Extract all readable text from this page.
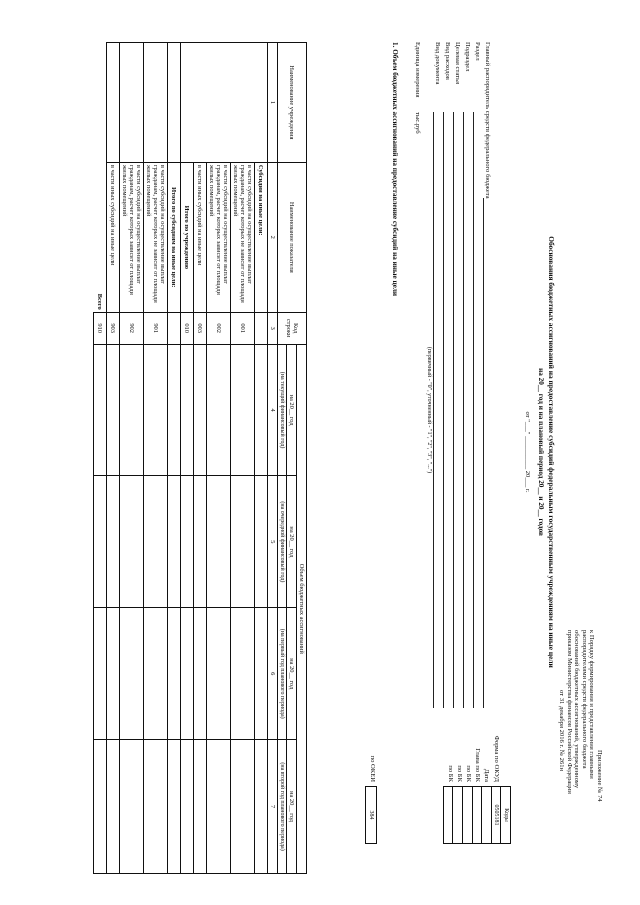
Приложение № 74
к Порядку формирования и представления главными
распорядителями средств федерального бюджета
обоснований бюджетных ассигнований, утвержденному
приказом Министерства финансов Российской Федерации
от 31 декабря 2016 г. № 261н
Обоснования бюджетных ассигнований на предоставление субсидий федеральным государственным учреждениям на иные цели
на 20__ год и на плановый период 20__ и 20__ годов
от "___" __________ 20___ г.
Коды
0505181
Форма по ОКУД
Дата
Глава по БК
по БК
по БК
по БК
по ОКЕИ
384
Главный распорядитель средств федерального бюджета
Раздел
Подраздел
Целевая статья
Вид расходов
Вид документа
(первичный - "0", уточненный - "1", "2", "3", "...")
Единица измерения
тыс.руб
1. Объем бюджетных ассигнований на предоставление субсидий на иные цели
Наименование учреждения	Наименование показателя	Код строки	Объем бюджетных ассигнований			
			на 20__ год	на 20__ год	на 20__ год	на 20__ год
			(на текущий финансовый год)	(на очередной финансовый год)	(на первый год планового периода)	(на второй год планового периода)
1	2	3	4	5	6	7
	Субсидии на иные цели:					
	в части субсидий на осуществление выплат гражданам, расчет которых не зависит от площади жилых помещений	001				
	в части субсидий на осуществление выплат гражданам, расчет которых зависит от площади жилых помещений	002				
	в части иных субсидий на иные цели	003				
	Итого по учреждению	010				
	Итого по субсидиям на иные цели:					
	в части субсидий на осуществление выплат гражданам, расчет которых не зависит от площади жилых помещений	901				
	в части субсидий на осуществление выплат гражданам, расчет которых зависит от площади жилых помещений	902				
	в части иных субсидий на иные цели	903				
	Всего	910				
